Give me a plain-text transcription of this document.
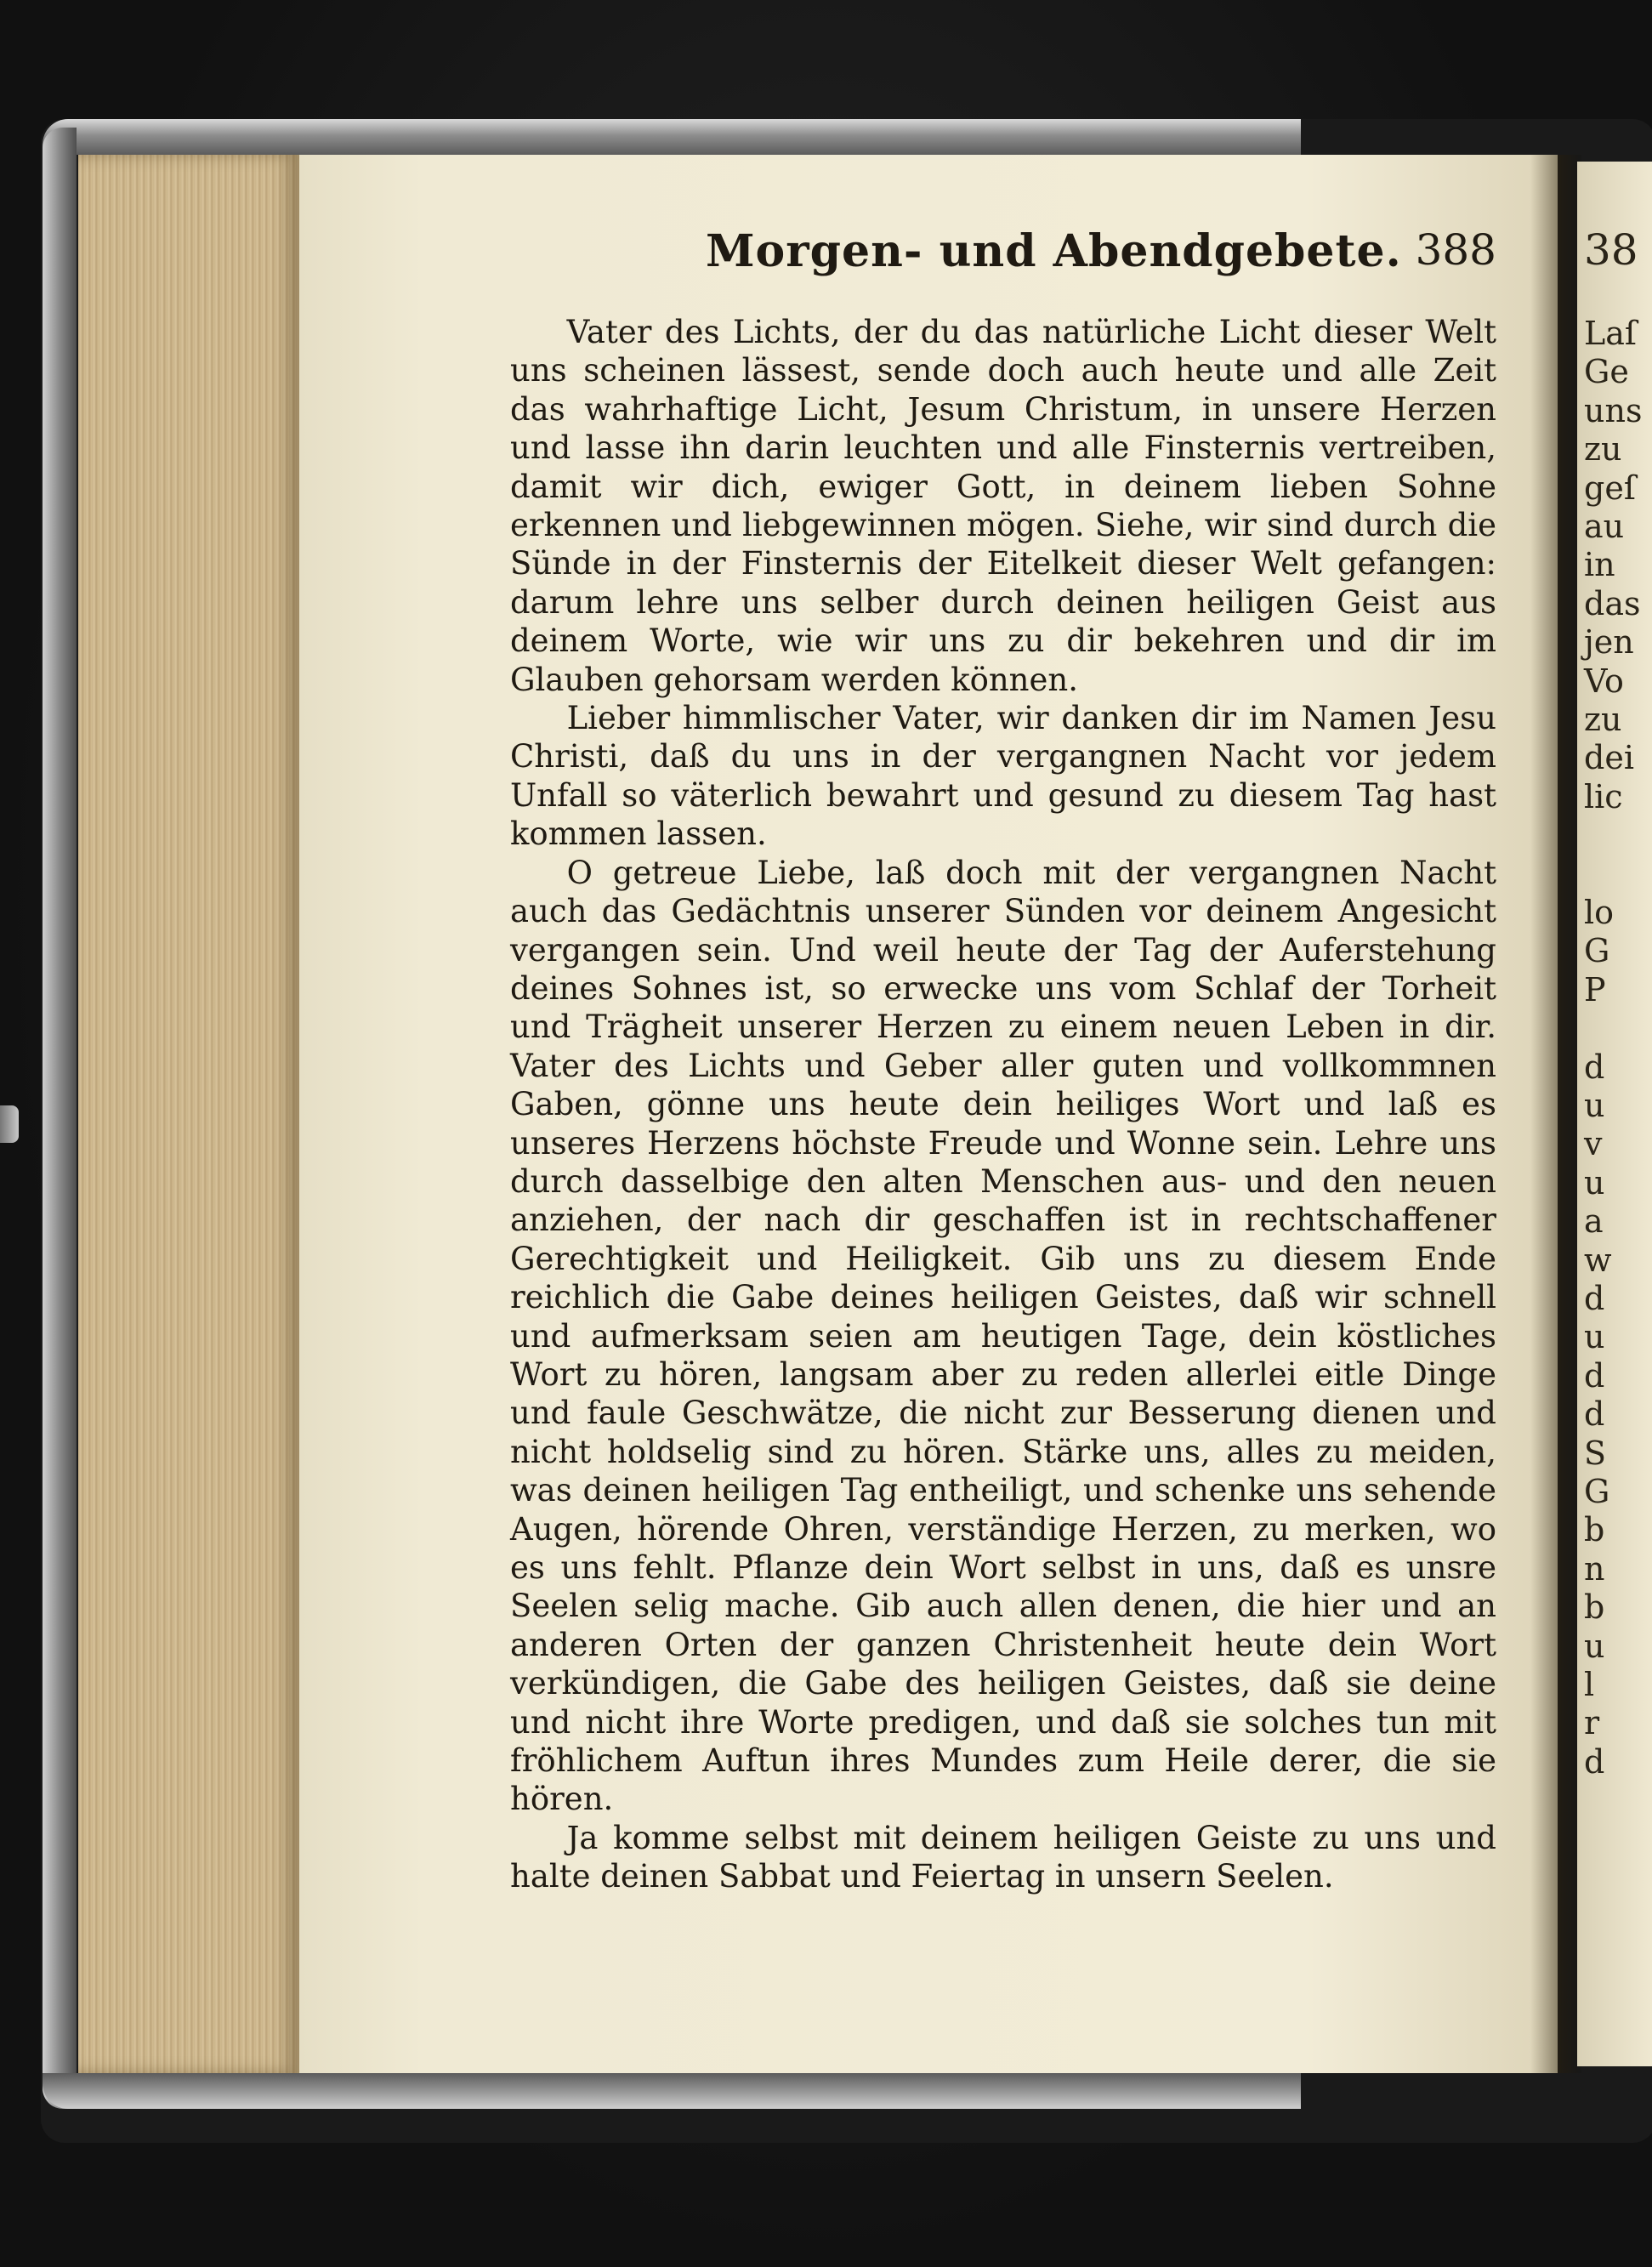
38
Laſ
Ge
uns
zu
geſ
au
in
das
jen
Vo
zu
dei
lic
lo
G
P
d
u
v
u
a
w
d
u
d
d
S
G
b
n
b
u
l
r
d
Morgen- und Abendgebete. 388

Vater des Lichts, der du das natürliche Licht dieser Welt uns scheinen lässest, sende doch auch heute und alle Zeit das wahrhaftige Licht, Jesum Christum, in unsere Herzen und lasse ihn darin leuchten und alle Finsternis vertreiben, damit wir dich, ewiger Gott, in deinem lieben Sohne erkennen und liebgewinnen mögen. Siehe, wir sind durch die Sünde in der Finsternis der Eitelkeit dieser Welt gefangen: darum lehre uns selber durch deinen heiligen Geist aus deinem Worte, wie wir uns zu dir bekehren und dir im Glauben gehorsam werden können.

Lieber himmlischer Vater, wir danken dir im Namen Jesu Christi, daß du uns in der vergangnen Nacht vor jedem Unfall so väterlich bewahrt und gesund zu diesem Tag hast kommen lassen.

O getreue Liebe, laß doch mit der vergangnen Nacht auch das Gedächtnis unserer Sünden vor deinem Angesicht vergangen sein. Und weil heute der Tag der Auferstehung deines Sohnes ist, so erwecke uns vom Schlaf der Torheit und Trägheit unserer Herzen zu einem neuen Leben in dir. Vater des Lichts und Geber aller guten und vollkommnen Gaben, gönne uns heute dein heiliges Wort und laß es unseres Herzens höchste Freude und Wonne sein. Lehre uns durch dasselbige den alten Menschen aus- und den neuen anziehen, der nach dir geschaffen ist in rechtschaffener Gerechtigkeit und Heiligkeit. Gib uns zu diesem Ende reichlich die Gabe deines heiligen Geistes, daß wir schnell und aufmerksam seien am heutigen Tage, dein köstliches Wort zu hören, langsam aber zu reden allerlei eitle Dinge und faule Geschwätze, die nicht zur Besserung dienen und nicht holdselig sind zu hören. Stärke uns, alles zu meiden, was deinen heiligen Tag entheiligt, und schenke uns sehende Augen, hörende Ohren, verständige Herzen, zu merken, wo es uns fehlt. Pflanze dein Wort selbst in uns, daß es unsre Seelen selig mache. Gib auch allen denen, die hier und an anderen Orten der ganzen Christenheit heute dein Wort verkündigen, die Gabe des heiligen Geistes, daß sie deine und nicht ihre Worte predigen, und daß sie solches tun mit fröhlichem Auftun ihres Mundes zum Heile derer, die sie hören.

Ja komme selbst mit deinem heiligen Geiste zu uns und halte deinen Sabbat und Feiertag in unsern Seelen.
